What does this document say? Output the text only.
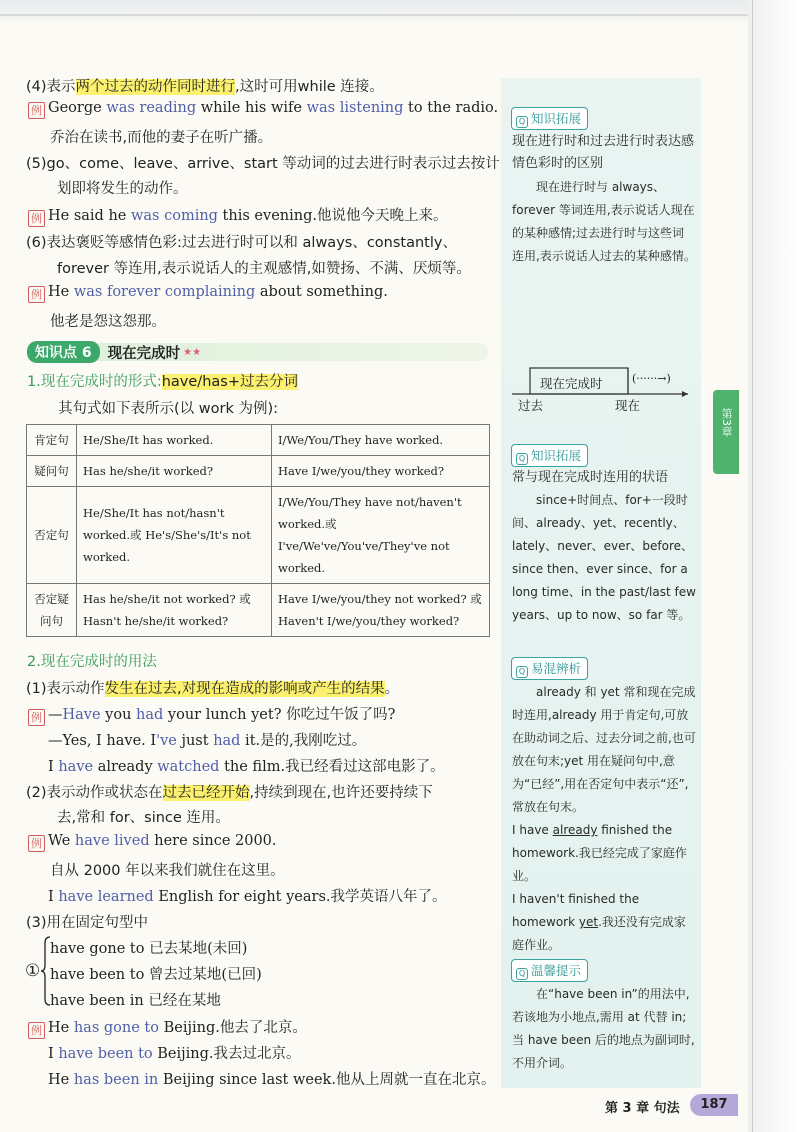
(4)表示两个过去的动作同时进行,这时可用while 连接。
例 George was reading while his wife was listening to the radio.
乔治在读书,而他的妻子在听广播。
(5)go、come、leave、arrive、start 等动词的过去进行时表示过去按计
划即将发生的动作。
例 He said he was coming this evening.他说他今天晚上来。
(6)表达褒贬等感情色彩:过去进行时可以和 always、constantly、
forever 等连用,表示说话人的主观感情,如赞扬、不满、厌烦等。
例 He was forever complaining about something.
他老是怨这怨那。
知识点 6	现在完成时 ★★
1.现在完成时的形式:have/has+过去分词
其句式如下表所示(以 work 为例):
肯定句	He/She/It has worked.	I/We/You/They have worked.
疑问句	Has he/she/it worked?	Have I/we/you/they worked?
否定句	He/She/It has not/hasn't worked.或 He's/She's/It's not worked.	I/We/You/They have not/haven't worked.或I've/We've/You've/They've not worked.
否定疑问句	Has he/she/it not worked? 或 Hasn't he/she/it worked?	Have I/we/you/they not worked? 或 Haven't I/we/you/they worked?
2.现在完成时的用法
(1)表示动作发生在过去,对现在造成的影响或产生的结果。
例 —Have you had your lunch yet? 你吃过午饭了吗?
—Yes, I have. I've just had it.是的,我刚吃过。
I have already watched the film.我已经看过这部电影了。
(2)表示动作或状态在过去已经开始,持续到现在,也许还要持续下
去,常和 for、since 连用。
例 We have lived here since 2000.
自从 2000 年以来我们就住在这里。
I have learned English for eight years.我学英语八年了。
(3)用在固定句型中
①
have gone to 已去某地(未回)
have been to 曾去过某地(已回)
have been in 已经在某地
例 He has gone to Beijing.他去了北京。
I have been to Beijing.我去过北京。
He has been in Beijing since last week.他从上周就一直在北京。
Q 知识拓展
现在进行时和过去进行时表达感情色彩时的区别
现在进行时与 always、forever 等词连用,表示说话人现在的某种感情;过去进行时与这些词连用,表示说话人过去的某种感情。
现在完成时	(······→)
过去	现在
Q 知识拓展
常与现在完成时连用的状语
since+时间点、for+一段时间、already、yet、recently、lately、never、ever、before、since then、ever since、for a long time、in the past/last few years、up to now、so far 等。
Q 易混辨析
already 和 yet 常和现在完成时连用,already 用于肯定句,可放在助动词之后、过去分词之前,也可放在句末;yet 用在疑问句中,意为“已经”,用在否定句中表示“还”,常放在句末。
I have already finished the homework.我已经完成了家庭作业。
I haven't finished the homework yet.我还没有完成家庭作业。
Q 温馨提示
在“have been in”的用法中,若该地为小地点,需用 at 代替 in;当 have been 后的地点为副词时,不用介词。
第3章
第 3 章 句法	187
